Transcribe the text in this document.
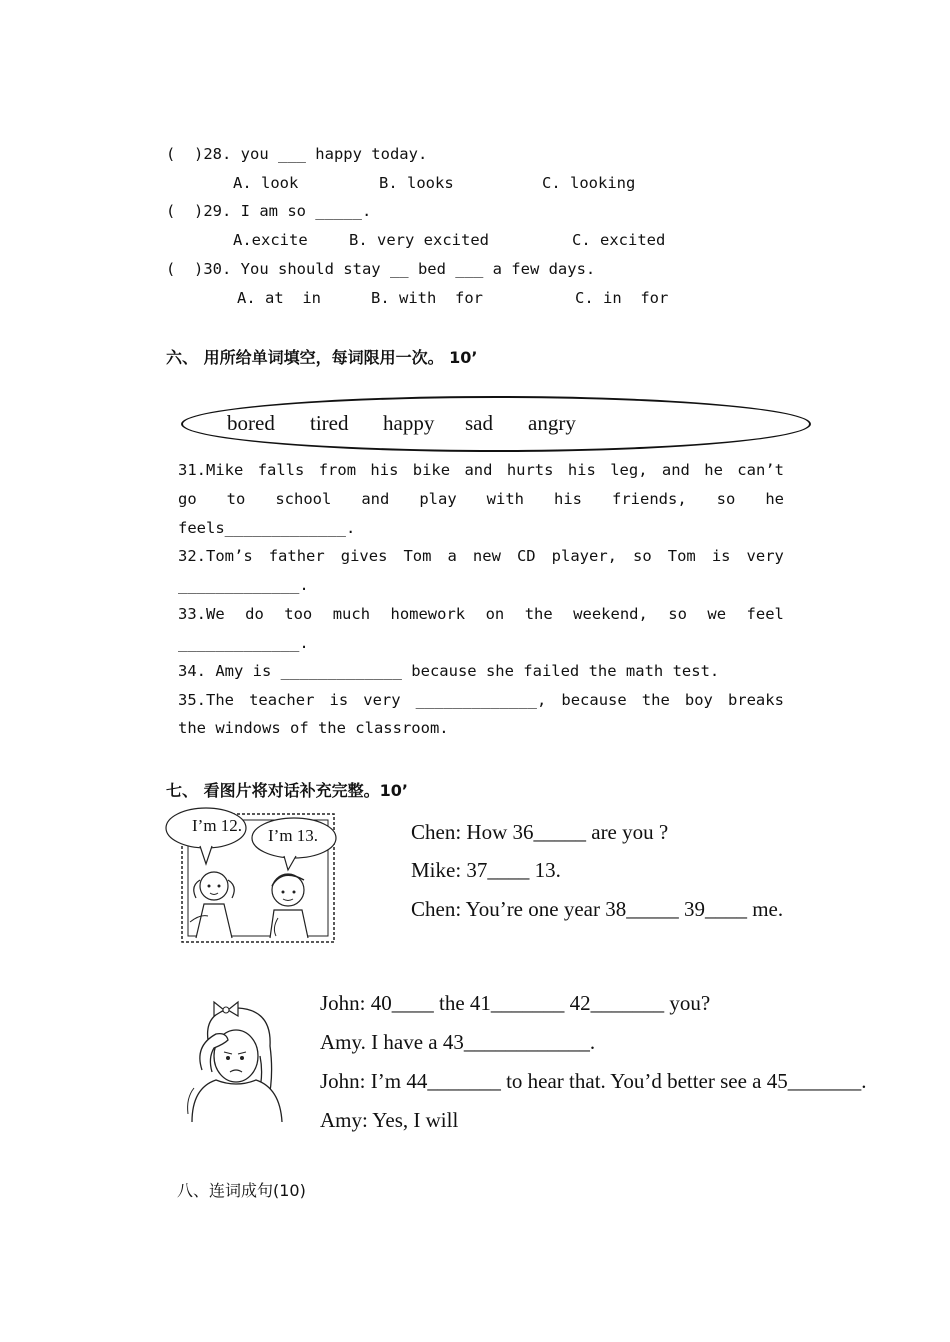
(  )28. you ___ happy today.
A. look	B. looks	C. looking
(  )29. I am so _____.
A.excite	B. very excited	C. excited
(  )30. You should stay __ bed ___ a few days.
A. at  in	B. with  for	C. in  for
六、 用所给单词填空，每词限用一次。 10’
bored tired happy sad angry
31.Mike falls from his bike and hurts his leg, and he can’t
go to school and play with his friends, so he
feels_____________.
32.Tom’s father gives Tom a new CD player, so Tom is very
_____________.
33.We do too much homework on the weekend, so we feel
_____________.
34. Amy is _____________ because she failed the math test.
35.The teacher is very _____________, because the boy breaks
the windows of the classroom.
七、 看图片将对话补充完整。10’
I’m 12.
I’m 13.	Chen: How 36_____ are you ?
Mike: 37____ 13.
Chen: You’re one year 38_____ 39____ me.
John: 40____ the 41_______ 42_______ you?
Amy. I have a 43____________.
John: I’m 44_______ to hear that. You’d better see a 45_______.
Amy: Yes, I will
八、连词成句(10)
